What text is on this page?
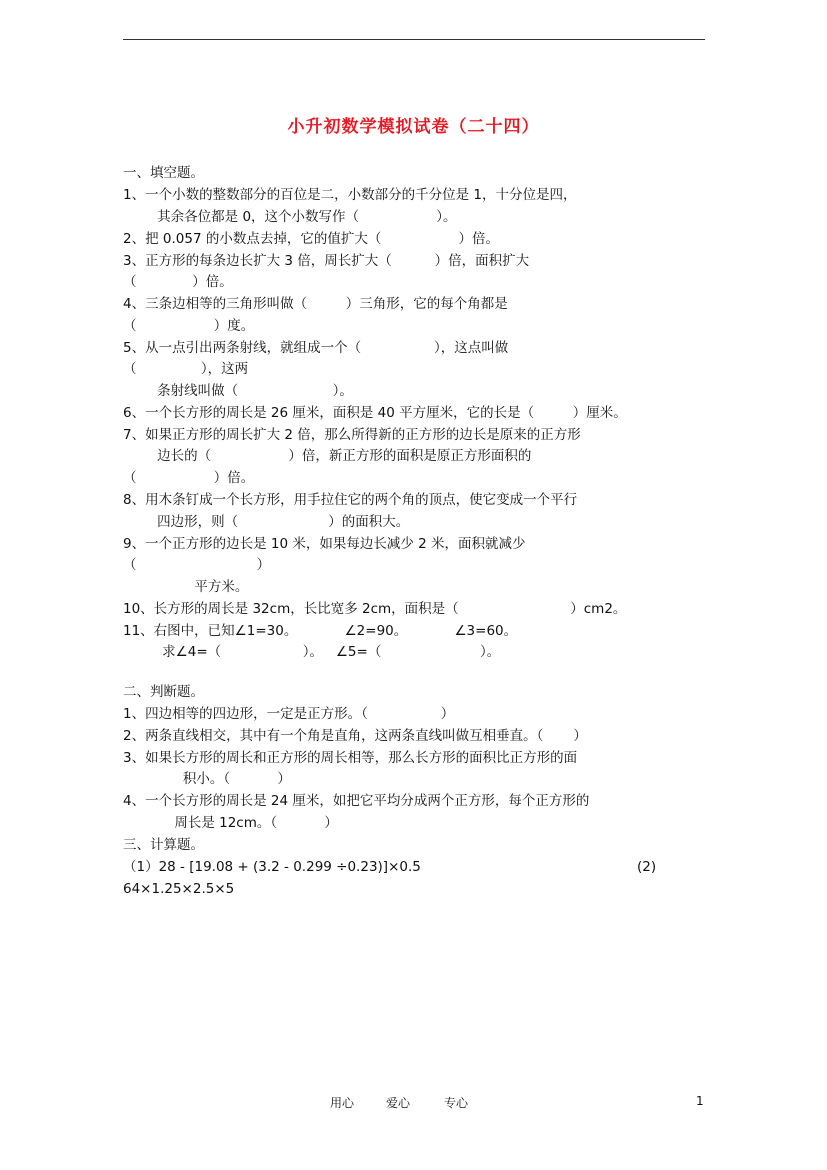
小升初数学模拟试卷（二十四）
一、填空题。
1、一个小数的整数部分的百位是二，小数部分的千分位是 1，十分位是四，
其余各位都是 0，这个小数写作（                  ）。
2、把 0.057 的小数点去掉，它的值扩大（                  ）倍。
3、正方形的每条边长扩大 3 倍，周长扩大（          ）倍，面积扩大
（             ）倍。
4、三条边相等的三角形叫做（         ）三角形，它的每个角都是
（                  ）度。
5、从一点引出两条射线，就组成一个（                 ），这点叫做
（               ），这两
条射线叫做（                      ）。
6、一个长方形的周长是 26 厘米，面积是 40 平方厘米，它的长是（         ）厘米。
7、如果正方形的周长扩大 2 倍，那么所得新的正方形的边长是原来的正方形
边长的（                  ）倍，新正方形的面积是原正方形面积的
（                  ）倍。
8、用木条钉成一个长方形，用手拉住它的两个角的顶点，使它变成一个平行
四边形，则（                     ）的面积大。
9、一个正方形的边长是 10 米，如果每边长减少 2 米，面积就减少
（                            ）
平方米。
10、长方形的周长是 32cm，长比宽多 2cm，面积是（                          ）cm2。
11、右图中，已知∠1=30。           ∠2=90。           ∠3=60。
求∠4=（                   ）。   ∠5=（                       ）。
二、判断题。
1、四边相等的四边形，一定是正方形。（                 ）
2、两条直线相交，其中有一个角是直角，这两条直线叫做互相垂直。（       ）
3、如果长方形的周长和正方形的周长相等，那么长方形的面积比正方形的面
积小。（           ）
4、一个长方形的周长是 24 厘米，如把它平均分成两个正方形，每个正方形的
周长是 12cm。（           ）
三、计算题。
（1）28 - [19.08 + (3.2 - 0.299 ÷0.23)]×0.5	(2)
64×1.25×2.5×5
用心	爱心	专心	1
